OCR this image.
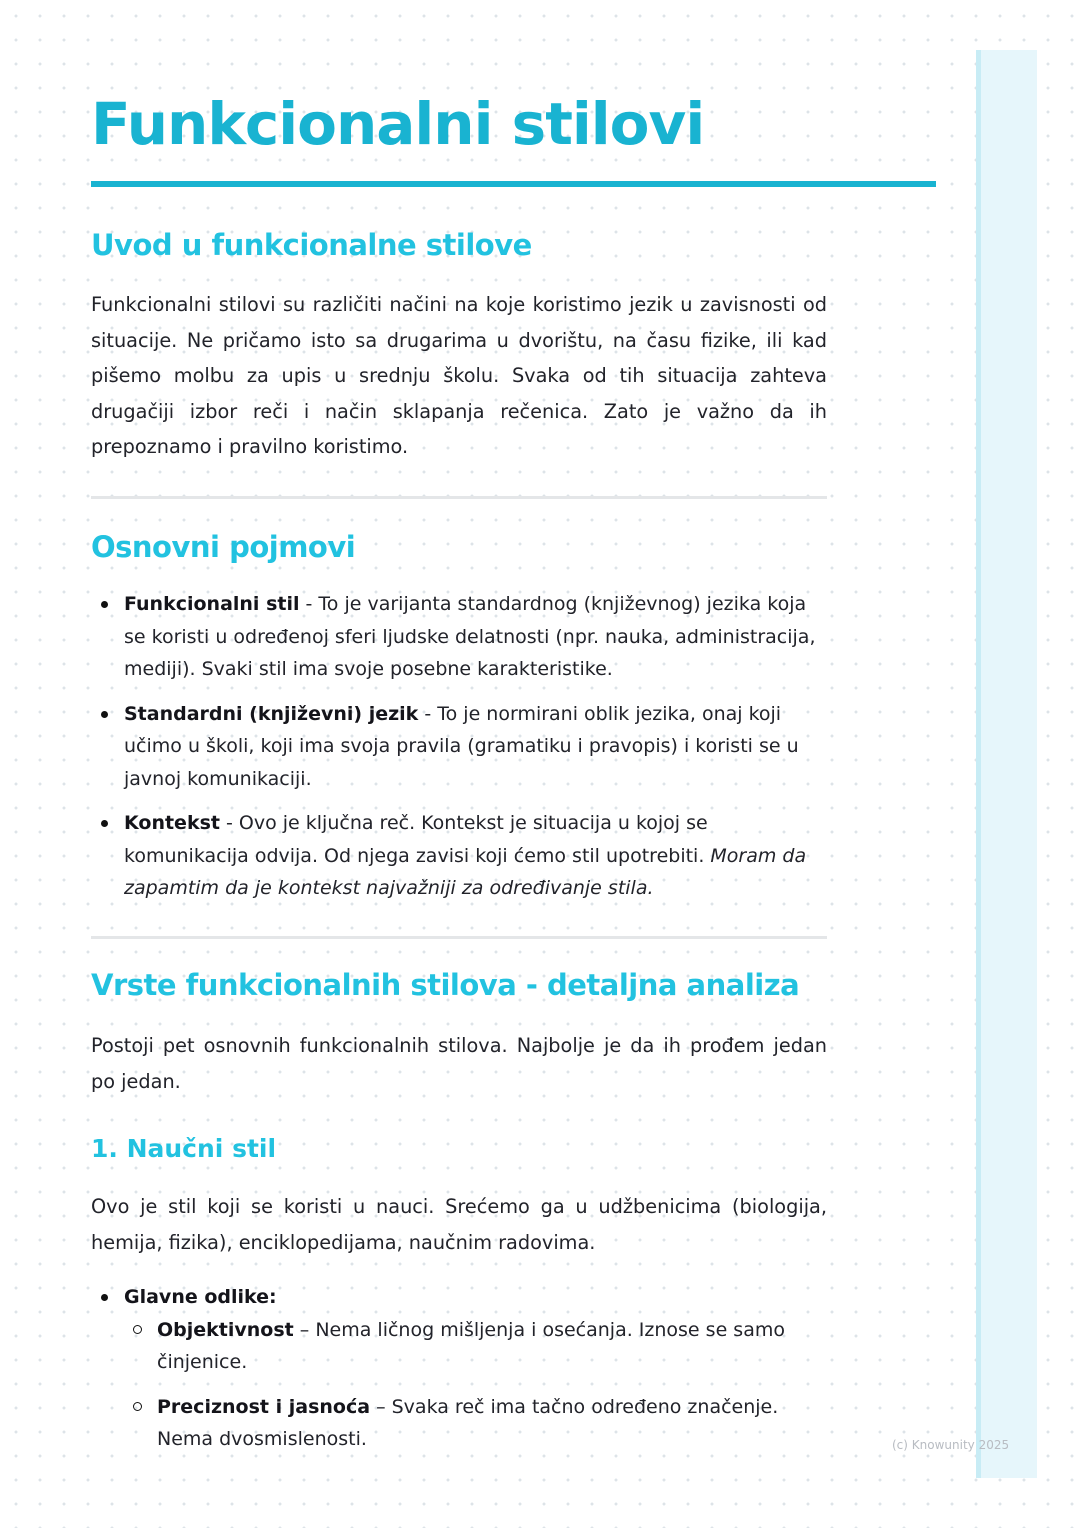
Funkcionalni stilovi
Uvod u funkcionalne stilove

Funkcionalni stilovi su različiti načini na koje koristimo jezik u zavisnosti od situacije. Ne pričamo isto sa drugarima u dvorištu, na času fizike, ili kad pišemo molbu za upis u srednju školu. Svaka od tih situacija zahteva drugačiji izbor reči i način sklapanja rečenica. Zato je važno da ih prepoznamo i pravilno koristimo.

Osnovni pojmovi
Funkcionalni stil - To je varijanta standardnog (književnog) jezika koja se koristi u određenoj sferi ljudske delatnosti (npr. nauka, administracija, mediji). Svaki stil ima svoje posebne karakteristike.
Standardni (književni) jezik - To je normirani oblik jezika, onaj koji učimo u školi, koji ima svoja pravila (gramatiku i pravopis) i koristi se u javnoj komunikaciji.
Kontekst - Ovo je ključna reč. Kontekst je situacija u kojoj se komunikacija odvija. Od njega zavisi koji ćemo stil upotrebiti. Moram da zapamtim da je kontekst najvažniji za određivanje stila.
Vrste funkcionalnih stilova - detaljna analiza

Postoji pet osnovnih funkcionalnih stilova. Najbolje je da ih prođem jedan po jedan.

1. Naučni stil

Ovo je stil koji se koristi u nauci. Srećemo ga u udžbenicima (biologija, hemija, fizika), enciklopedijama, naučnim radovima.

Glavne odlike:
Objektivnost – Nema ličnog mišljenja i osećanja. Iznose se samo činjenice.
Preciznost i jasnoća – Svaka reč ima tačno određeno značenje. Nema dvosmislenosti.	(c) Knowunity 2025
